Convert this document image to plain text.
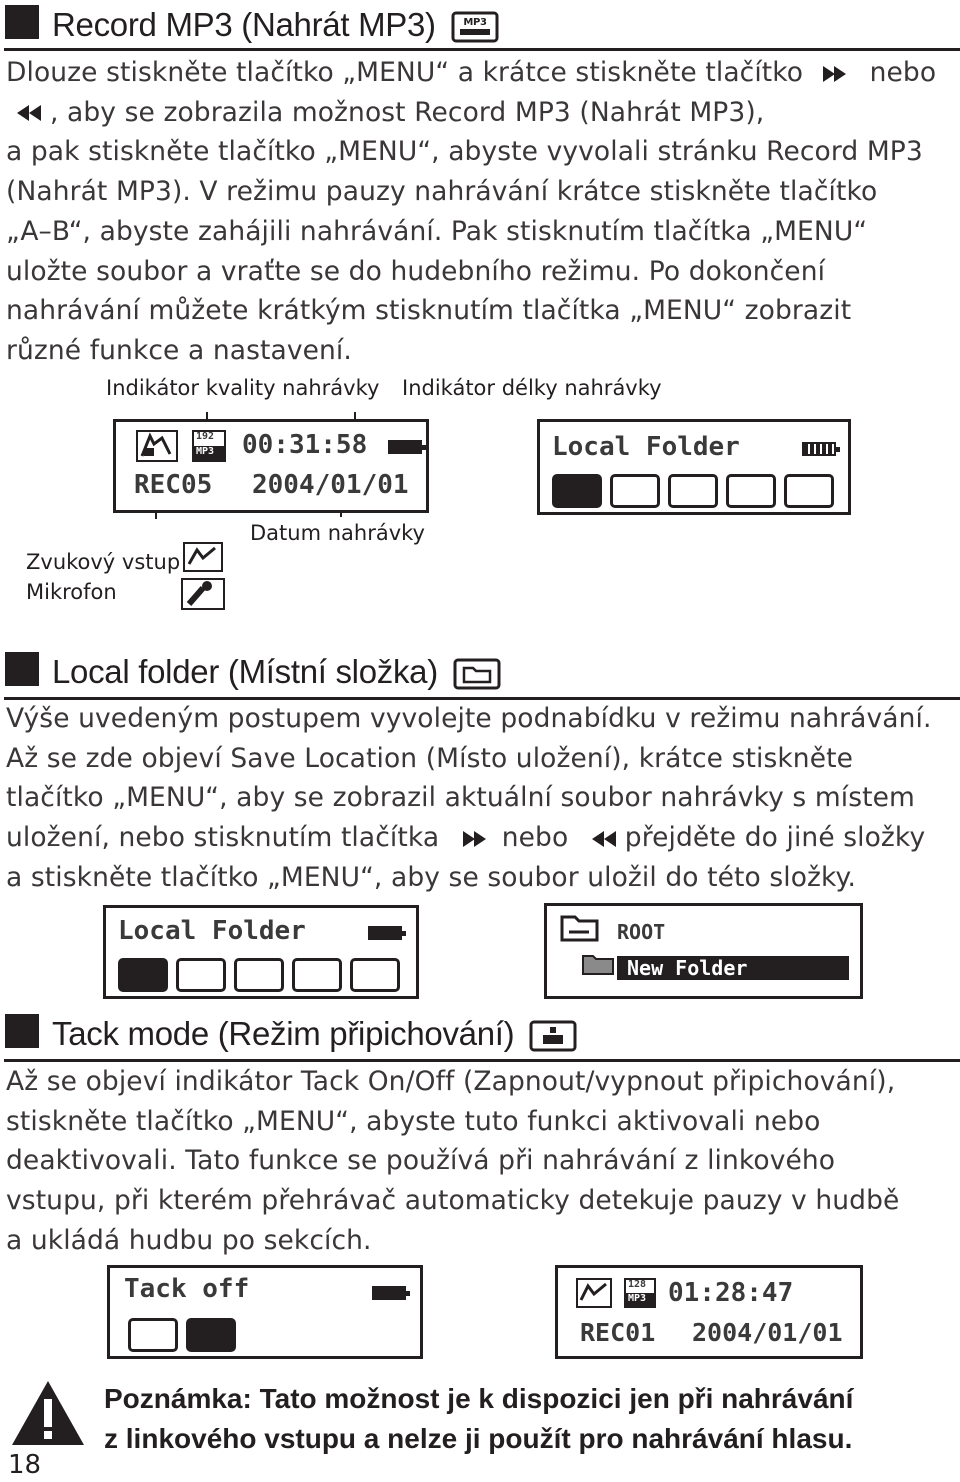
Record MP3 (Nahrát MP3)	MP3
Dlouze stiskněte tlačítko „MENU“ a krátce stiskněte tlačítko	nebo
, aby se zobrazila možnost Record MP3 (Nahrát MP3),
a pak stiskněte tlačítko „MENU“, abyste vyvolali stránku Record MP3
(Nahrát MP3). V režimu pauzy nahrávání krátce stiskněte tlačítko
„A–B“, abyste zahájili nahrávání. Pak stisknutím tlačítka „MENU“
uložte soubor a vraťte se do hudebního režimu. Po dokončení
nahrávání můžete krátkým stisknutím tlačítka „MENU“ zobrazit
různé funkce a nastavení.
Indikátor kvality nahrávky Indikátor délky nahrávky
192
MP3 00:31:58
REC05 2004/01/01
Local Folder
Datum nahrávky
Zvukový vstup
Mikrofon
Local folder (Místní složka)
Výše uvedeným postupem vyvolejte podnabídku v režimu nahrávání.
Až se zde objeví Save Location (Místo uložení), krátce stiskněte
tlačítko „MENU“, aby se zobrazil aktuální soubor nahrávky s místem
uložení, nebo stisknutím tlačítka nebo přejděte do jiné složky
a stiskněte tlačítko „MENU“, aby se soubor uložil do této složky.
Local Folder	ROOT
New Folder
Tack mode (Režim připichování)
Až se objeví indikátor Tack On/Off (Zapnout/vypnout připichování),
stiskněte tlačítko „MENU“, abyste tuto funkci aktivovali nebo
deaktivovali. Tato funkce se používá při nahrávání z linkového
vstupu, při kterém přehrávač automaticky detekuje pauzy v hudbě
a ukládá hudbu po sekcích.
Tack off	128
MP3 01:28:47
REC01 2004/01/01
Poznámka: Tato možnost je k dispozici jen při nahrávání
z linkového vstupu a nelze ji použít pro nahrávání hlasu.
18
